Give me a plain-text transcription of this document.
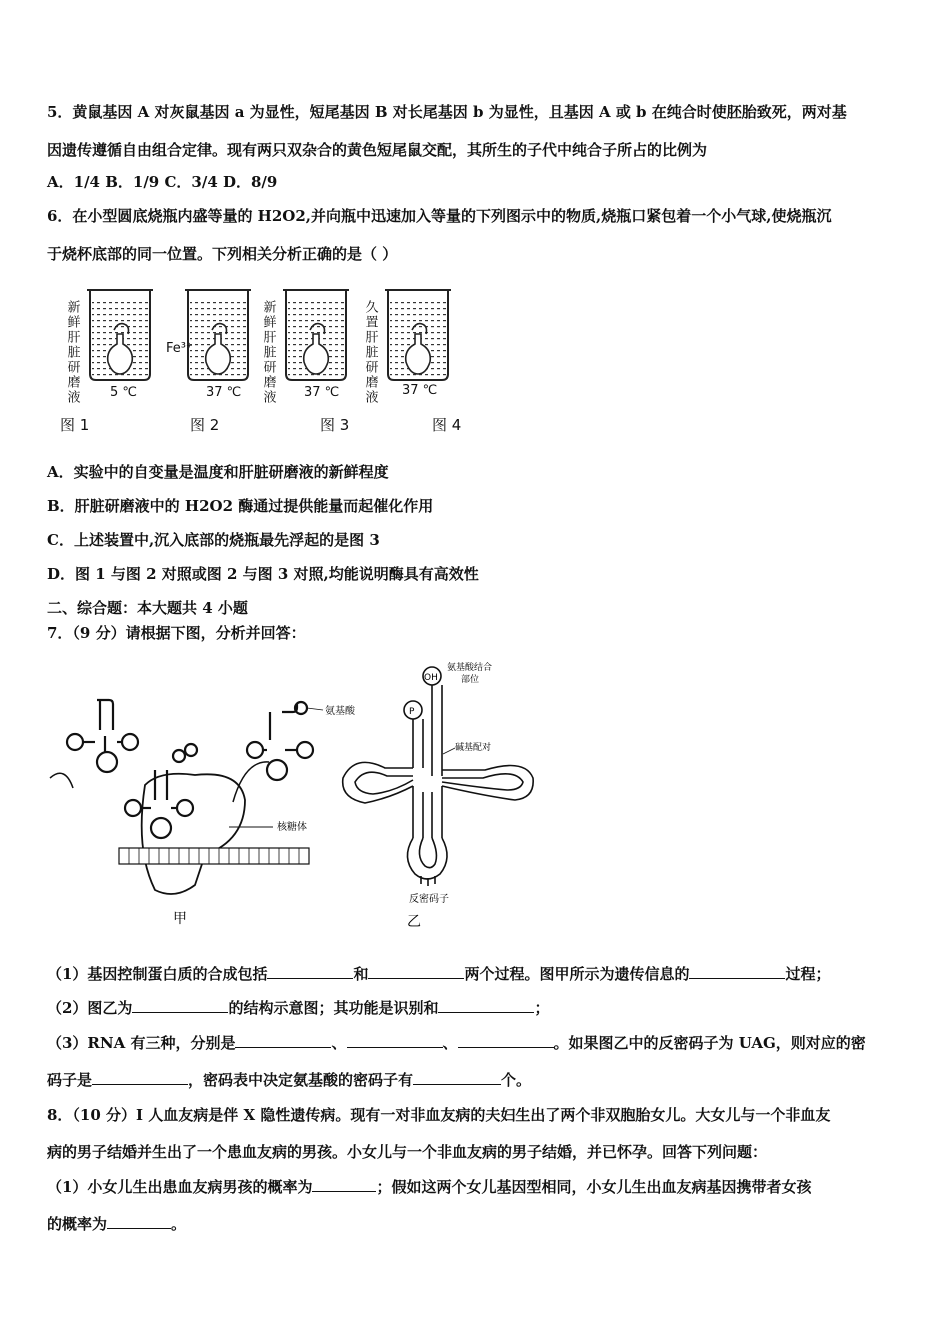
5．黄鼠基因 A 对灰鼠基因 a 为显性，短尾基因 B 对长尾基因 b 为显性，且基因 A 或 b 在纯合时使胚胎致死，两对基
因遗传遵循自由组合定律。现有两只双杂合的黄色短尾鼠交配，其所生的子代中纯合子所占的比例为
A．1/4 B．1/9 C．3/4 D．8/9
6．在小型圆底烧瓶内盛等量的 H2O2,并向瓶中迅速加入等量的下列图示中的物质,烧瓶口紧包着一个小气球,使烧瓶沉
于烧杯底部的同一位置。下列相关分析正确的是（ ）
新鲜肝脏研磨液	Fe³⁺	新鲜肝脏研磨液	久置肝脏研磨液
5 ℃	37 ℃	37 ℃	37 ℃
图 1	图 2	图 3	图 4
A．实验中的自变量是温度和肝脏研磨液的新鲜程度
B．肝脏研磨液中的 H2O2 酶通过提供能量而起催化作用
C．上述装置中,沉入底部的烧瓶最先浮起的是图 3
D．图 1 与图 2 对照或图 2 与图 3 对照,均能说明酶具有高效性
二、综合题：本大题共 4 小题
7．（9 分）请根据下图，分析并回答：
氨基酸
核糖体
甲
OH
P
氨基酸结合
部位
碱基配对
反密码子
乙
（1）基因控制蛋白质的合成包括	和	两个过程。图甲所示为遗传信息的	过程；
（2）图乙为	的结构示意图；其功能是识别和	；
（3）RNA 有三种，分别是	、	、	。如果图乙中的反密码子为 UAG，则对应的密
码子是	，密码表中决定氨基酸的密码子有	个。
8．（10 分）I 人血友病是伴 X 隐性遗传病。现有一对非血友病的夫妇生出了两个非双胞胎女儿。大女儿与一个非血友
病的男子结婚并生出了一个患血友病的男孩。小女儿与一个非血友病的男子结婚，并已怀孕。回答下列问题：
（1）小女儿生出患血友病男孩的概率为	；假如这两个女儿基因型相同，小女儿生出血友病基因携带者女孩
的概率为	。
